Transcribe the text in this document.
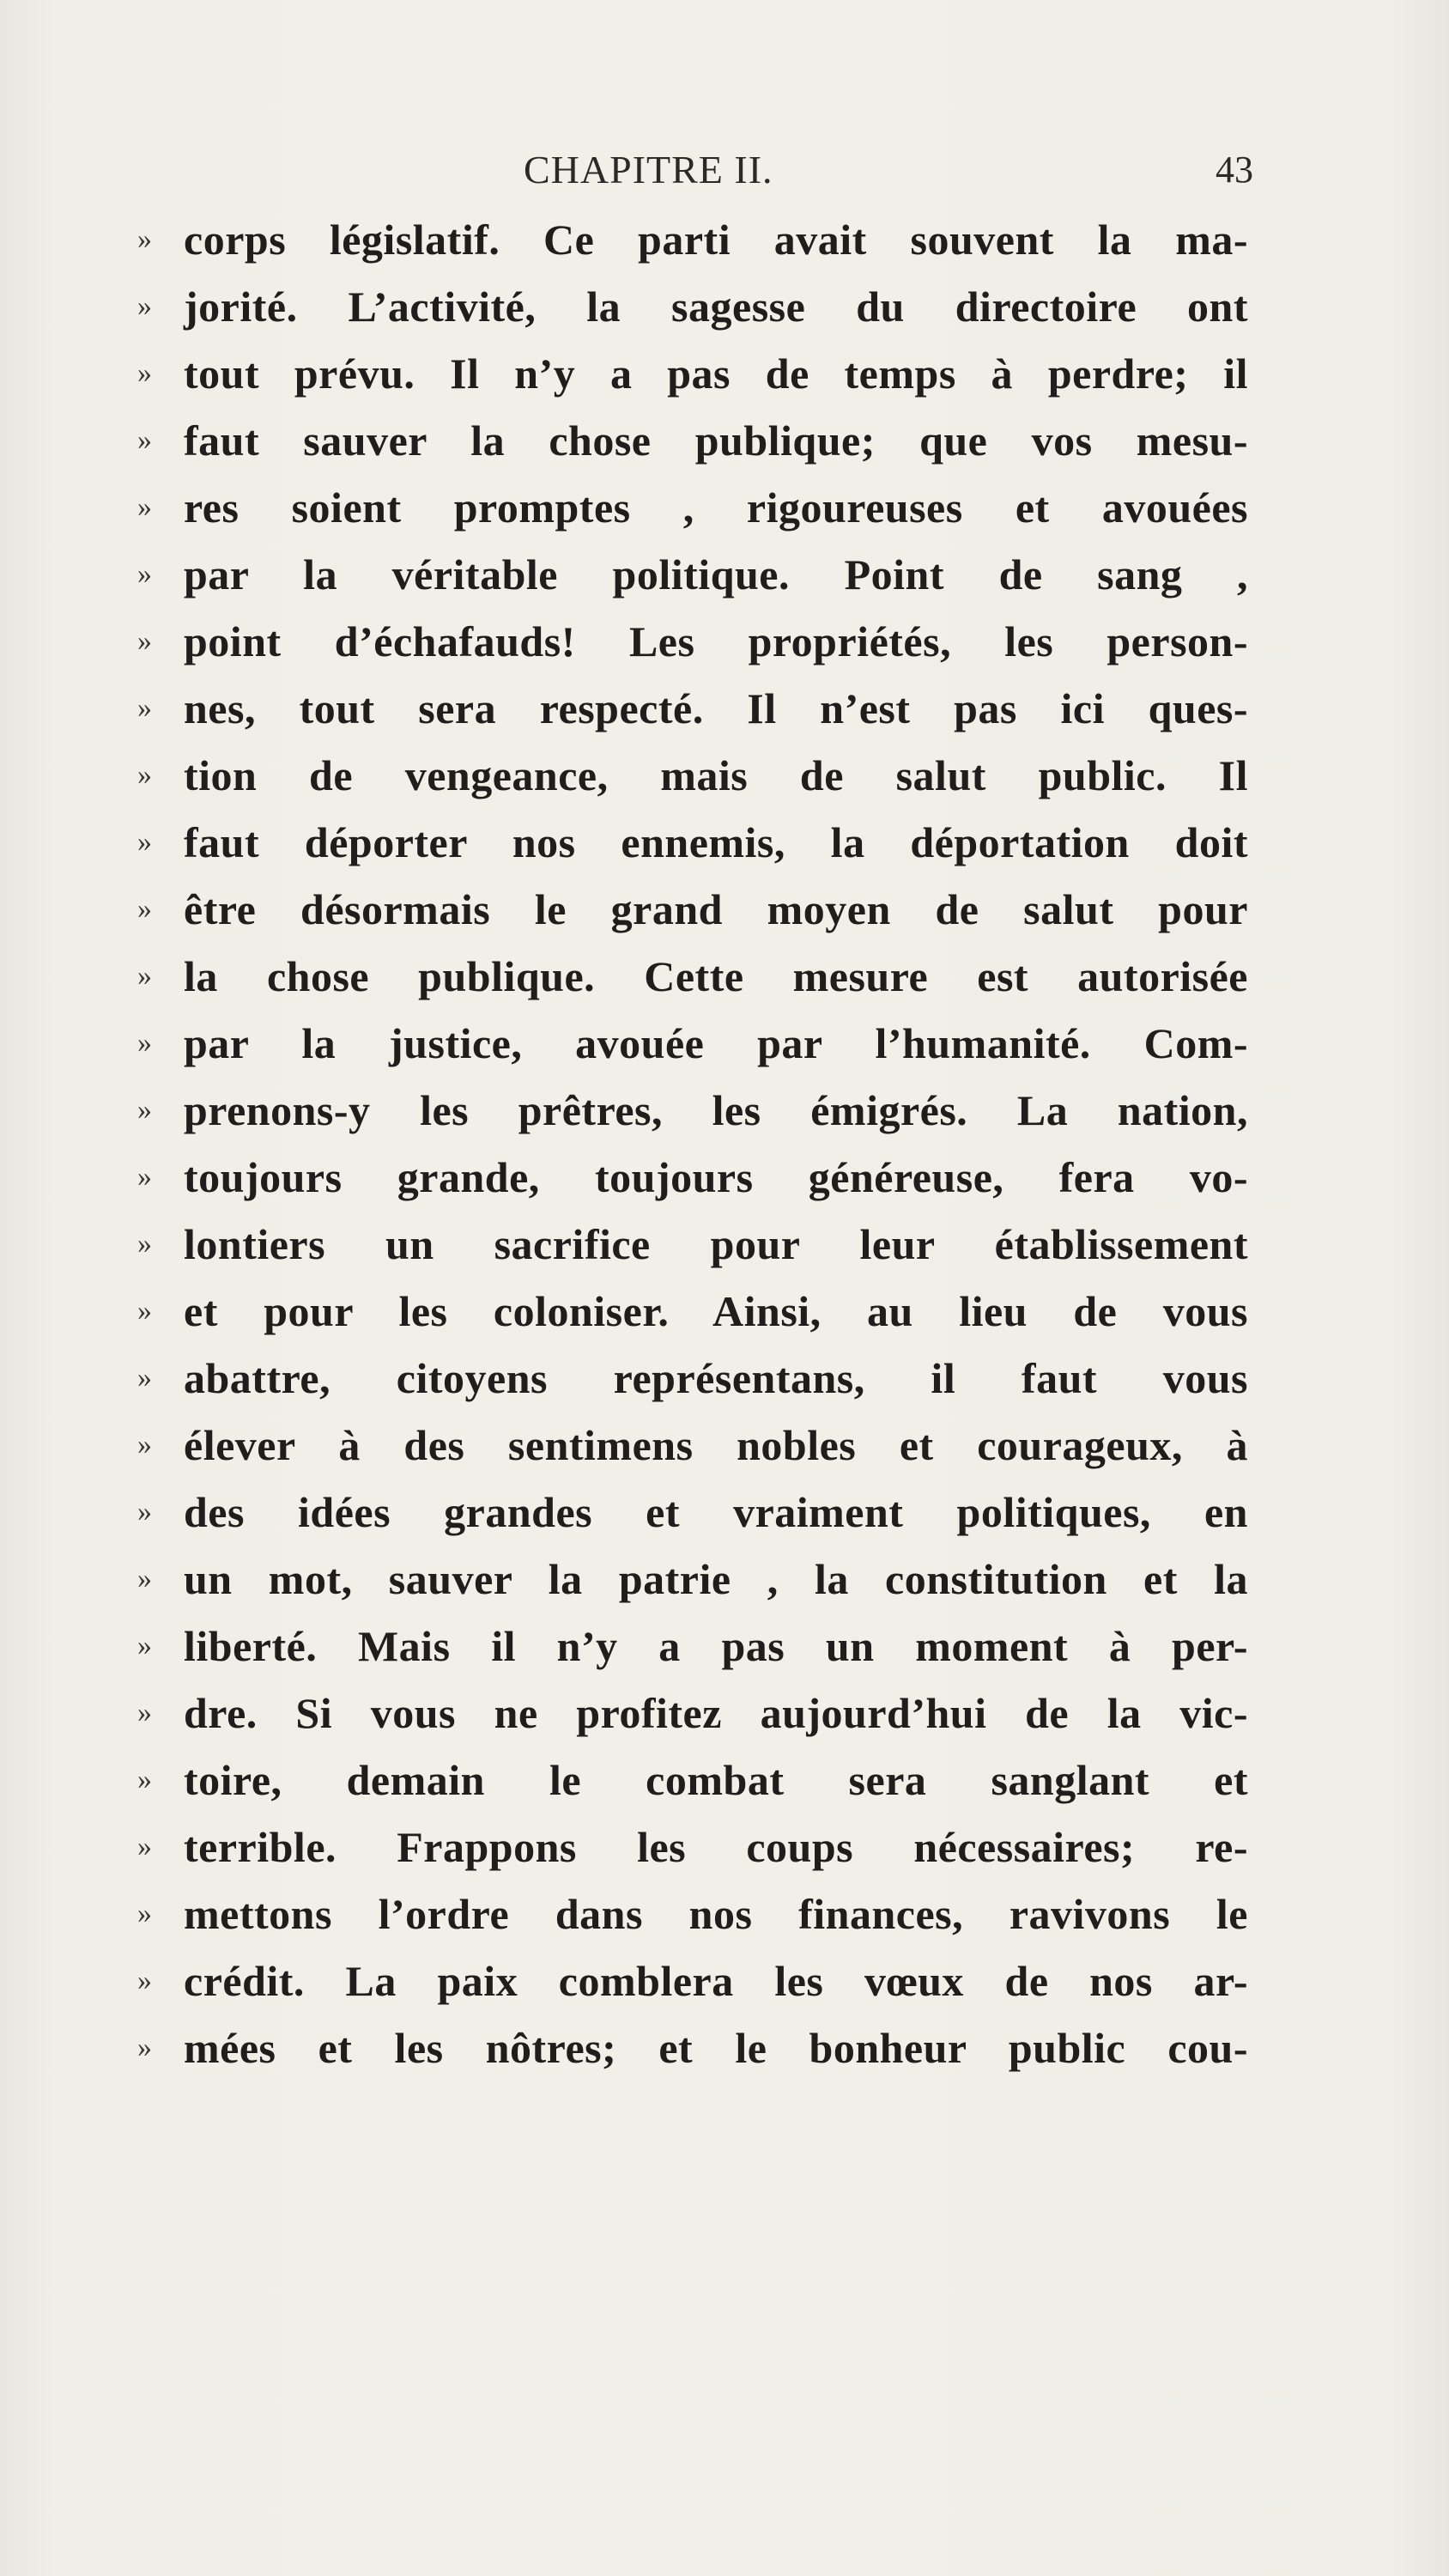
CHAPITRE II.	43
» corps législatif. Ce parti avait souvent la ma-
» jorité. L’activité, la sagesse du directoire ont
» tout prévu. Il n’y a pas de temps à perdre; il
» faut sauver la chose publique; que vos mesu-
» res soient promptes , rigoureuses et avouées
» par la véritable politique. Point de sang ,
» point d’échafauds! Les propriétés, les person-
» nes, tout sera respecté. Il n’est pas ici ques-
» tion de vengeance, mais de salut public. Il
» faut déporter nos ennemis, la déportation doit
» être désormais le grand moyen de salut pour
» la chose publique. Cette mesure est autorisée
» par la justice, avouée par l’humanité. Com-
» prenons-y les prêtres, les émigrés. La nation,
» toujours grande, toujours généreuse, fera vo-
» lontiers un sacrifice pour leur établissement
» et pour les coloniser. Ainsi, au lieu de vous
» abattre, citoyens représentans, il faut vous
» élever à des sentimens nobles et courageux, à
» des idées grandes et vraiment politiques, en
» un mot, sauver la patrie , la constitution et la
» liberté. Mais il n’y a pas un moment à per-
» dre. Si vous ne profitez aujourd’hui de la vic-
» toire, demain le combat sera sanglant et
» terrible. Frappons les coups nécessaires; re-
» mettons l’ordre dans nos finances, ravivons le
» crédit. La paix comblera les vœux de nos ar-
» mées et les nôtres; et le bonheur public cou-
